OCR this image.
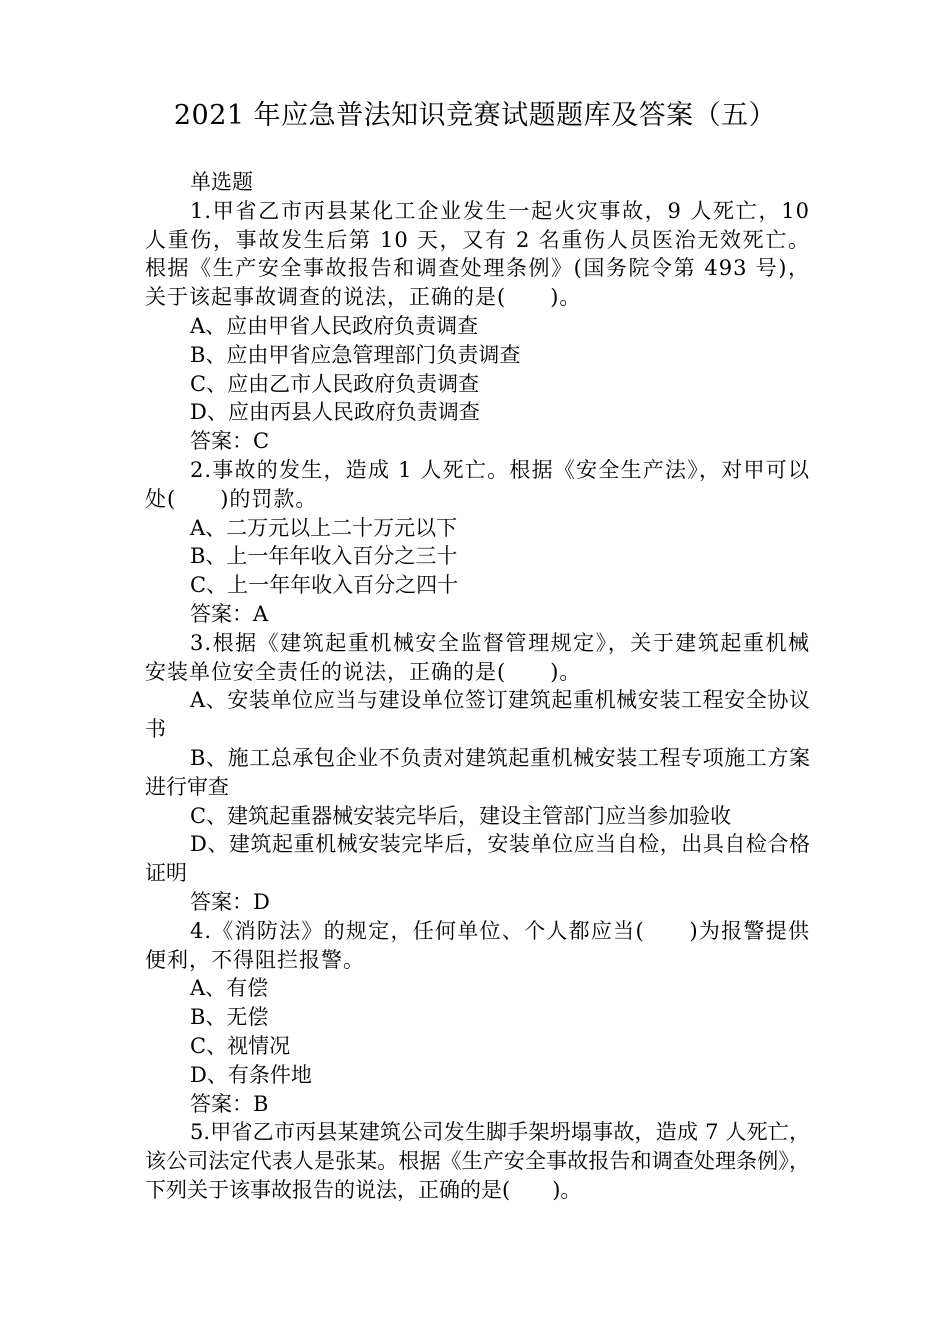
2021 年应急普法知识竞赛试题题库及答案（五）

单选题

1.甲省乙市丙县某化工企业发生一起火灾事故，9 人死亡，10 人重伤，事故发生后第 10 天，又有 2 名重伤人员医治无效死亡。根据《生产安全事故报告和调查处理条例》(国务院令第 493 号)，关于该起事故调查的说法，正确的是(　　)。

A、应由甲省人民政府负责调查

B、应由甲省应急管理部门负责调查

C、应由乙市人民政府负责调查

D、应由丙县人民政府负责调查

答案：C

2.事故的发生，造成 1 人死亡。根据《安全生产法》，对甲可以处(　　)的罚款。

A、二万元以上二十万元以下

B、上一年年收入百分之三十

C、上一年年收入百分之四十

答案：A

3.根据《建筑起重机械安全监督管理规定》，关于建筑起重机械安装单位安全责任的说法，正确的是(　　)。

A、安装单位应当与建设单位签订建筑起重机械安装工程安全协议书

B、施工总承包企业不负责对建筑起重机械安装工程专项施工方案进行审查

C、建筑起重器械安装完毕后，建设主管部门应当参加验收

D、建筑起重机械安装完毕后，安装单位应当自检，出具自检合格证明

答案：D

4.《消防法》的规定，任何单位、个人都应当(　　)为报警提供便利，不得阻拦报警。

A、有偿

B、无偿

C、视情况

D、有条件地

答案：B

5.甲省乙市丙县某建筑公司发生脚手架坍塌事故，造成 7 人死亡，该公司法定代表人是张某。根据《生产安全事故报告和调查处理条例》，下列关于该事故报告的说法，正确的是(　　)。
